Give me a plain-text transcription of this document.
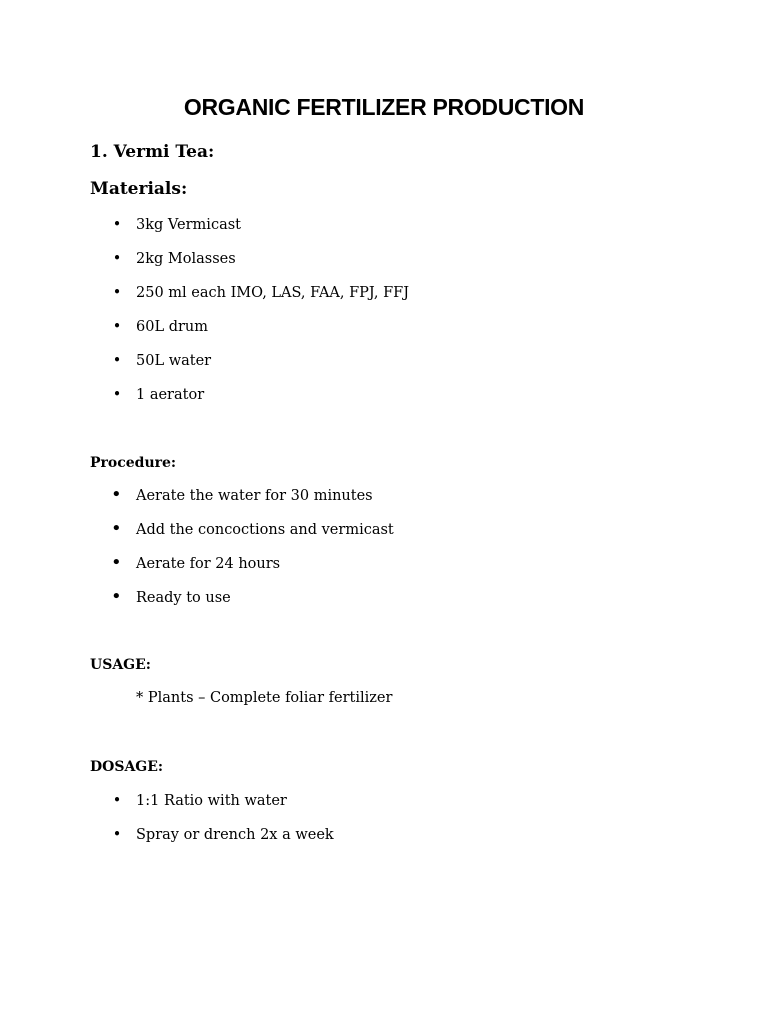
ORGANIC FERTILIZER PRODUCTION
1. Vermi Tea:
Materials:
• 3kg Vermicast
• 2kg Molasses
• 250 ml each IMO, LAS, FAA, FPJ, FFJ
• 60L drum
• 50L water
• 1 aerator
Procedure:
• Aerate the water for 30 minutes
• Add the concoctions and vermicast
• Aerate for 24 hours
• Ready to use
USAGE:

* Plants – Complete foliar fertilizer

DOSAGE:
• 1:1 Ratio with water
• Spray or drench 2x a week
